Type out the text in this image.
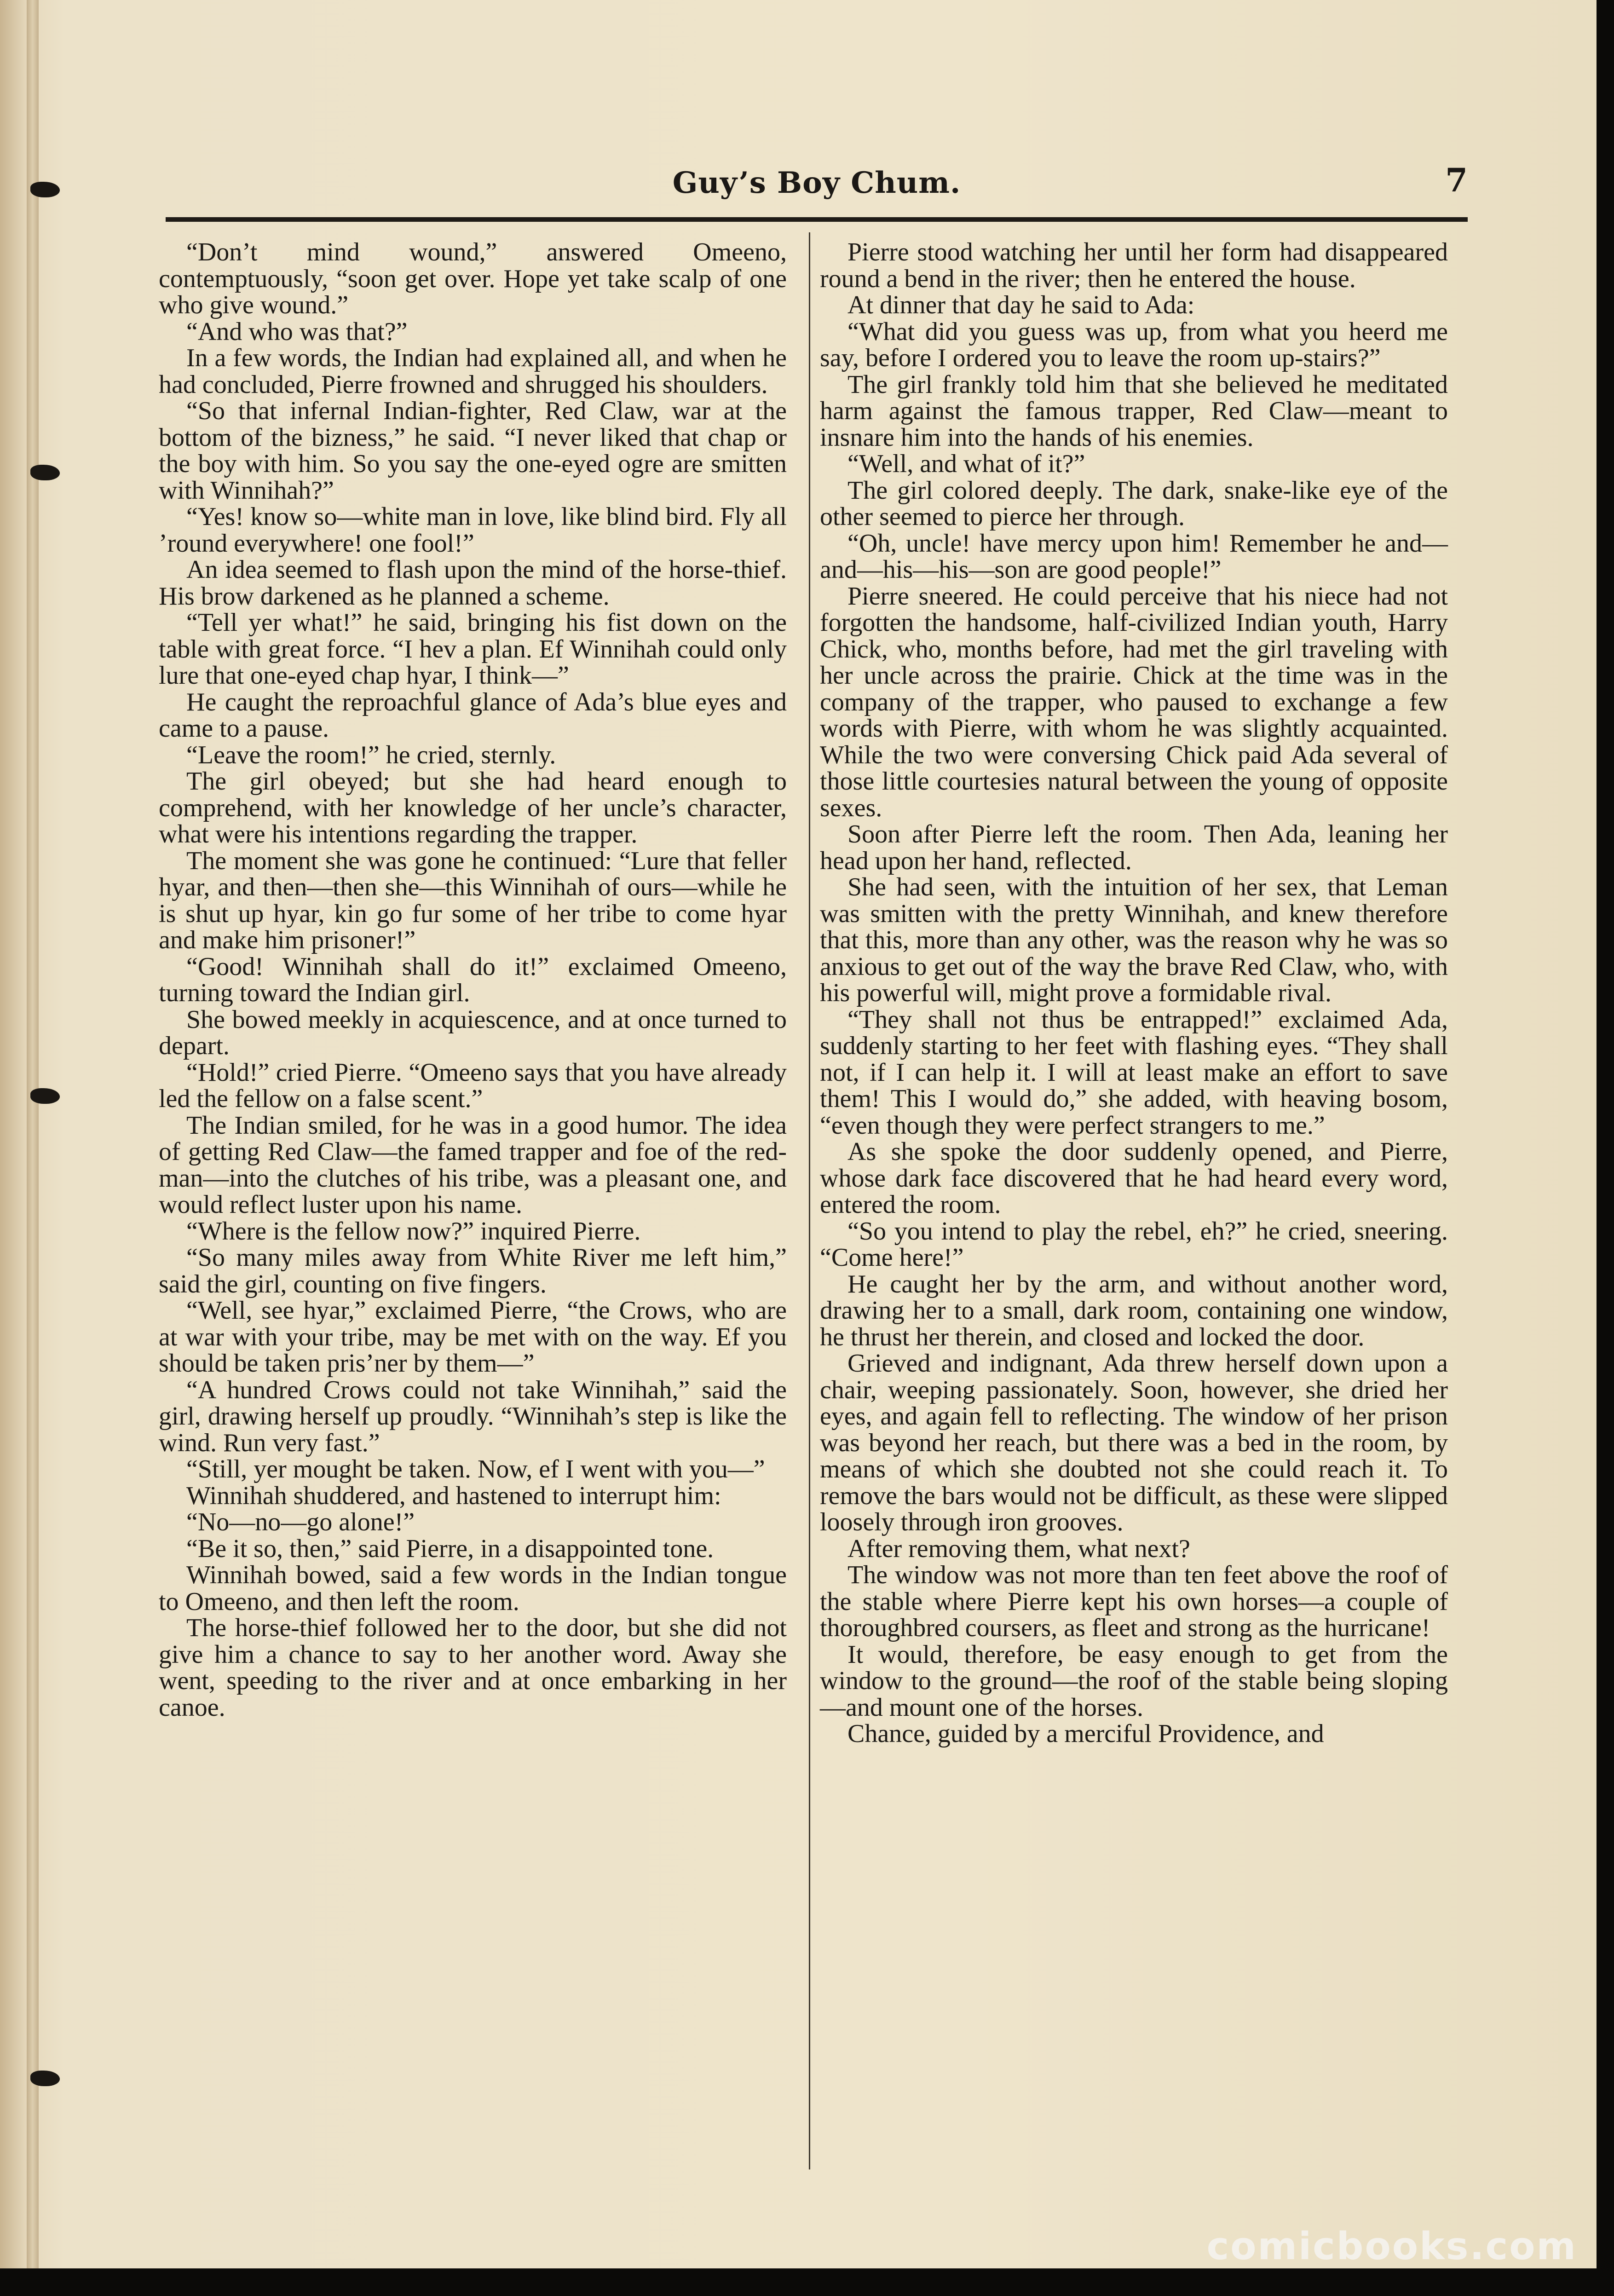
Guy’s Boy Chum.	7

“Don’t mind wound,” answered Omeeno, contemptuously, “soon get over. Hope yet take scalp of one who give wound.”

“And who was that?”

In a few words, the Indian had explained all, and when he had concluded, Pierre frowned and shrugged his shoulders.

“So that infernal Indian-fighter, Red Claw, war at the bottom of the bizness,” he said. “I never liked that chap or the boy with him. So you say the one-eyed ogre are smitten with Winnihah?”

“Yes! know so—white man in love, like blind bird. Fly all ’round everywhere! one fool!”

An idea seemed to flash upon the mind of the horse-thief. His brow darkened as he planned a scheme.

“Tell yer what!” he said, bringing his fist down on the table with great force. “I hev a plan. Ef Winnihah could only lure that one-eyed chap hyar, I think—”

He caught the reproachful glance of Ada’s blue eyes and came to a pause.

“Leave the room!” he cried, sternly.

The girl obeyed; but she had heard enough to comprehend, with her knowledge of her uncle’s character, what were his intentions regarding the trapper.

The moment she was gone he continued: “Lure that feller hyar, and then—then she—this Winnihah of ours—while he is shut up hyar, kin go fur some of her tribe to come hyar and make him prisoner!”

“Good! Winnihah shall do it!” exclaimed Omeeno, turning toward the Indian girl.

She bowed meekly in acquiescence, and at once turned to depart.

“Hold!” cried Pierre. “Omeeno says that you have already led the fellow on a false scent.”

The Indian smiled, for he was in a good humor. The idea of getting Red Claw—the famed trapper and foe of the red-man—into the clutches of his tribe, was a pleasant one, and would reflect luster upon his name.

“Where is the fellow now?” inquired Pierre.

“So many miles away from White River me left him,” said the girl, counting on five fingers.

“Well, see hyar,” exclaimed Pierre, “the Crows, who are at war with your tribe, may be met with on the way. Ef you should be taken pris’ner by them—”

“A hundred Crows could not take Winnihah,” said the girl, drawing herself up proudly. “Winnihah’s step is like the wind. Run very fast.”

“Still, yer mought be taken. Now, ef I went with you—”

Winnihah shuddered, and hastened to interrupt him:

“No—no—go alone!”

“Be it so, then,” said Pierre, in a disappointed tone.

Winnihah bowed, said a few words in the Indian tongue to Omeeno, and then left the room.

The horse-thief followed her to the door, but she did not give him a chance to say to her another word. Away she went, speeding to the river and at once embarking in her canoe.

Pierre stood watching her until her form had disappeared round a bend in the river; then he entered the house.

At dinner that day he said to Ada:

“What did you guess was up, from what you heerd me say, before I ordered you to leave the room up-stairs?”

The girl frankly told him that she believed he meditated harm against the famous trapper, Red Claw—meant to insnare him into the hands of his enemies.

“Well, and what of it?”

The girl colored deeply. The dark, snake-like eye of the other seemed to pierce her through.

“Oh, uncle! have mercy upon him! Remember he and—and—his—his—son are good people!”

Pierre sneered. He could perceive that his niece had not forgotten the handsome, half-civilized Indian youth, Harry Chick, who, months before, had met the girl traveling with her uncle across the prairie. Chick at the time was in the company of the trapper, who paused to exchange a few words with Pierre, with whom he was slightly acquainted. While the two were conversing Chick paid Ada several of those little courtesies natural between the young of opposite sexes.

Soon after Pierre left the room. Then Ada, leaning her head upon her hand, reflected.

She had seen, with the intuition of her sex, that Leman was smitten with the pretty Winnihah, and knew therefore that this, more than any other, was the reason why he was so anxious to get out of the way the brave Red Claw, who, with his powerful will, might prove a formidable rival.

“They shall not thus be entrapped!” exclaimed Ada, suddenly starting to her feet with flashing eyes. “They shall not, if I can help it. I will at least make an effort to save them! This I would do,” she added, with heaving bosom, “even though they were perfect strangers to me.”

As she spoke the door suddenly opened, and Pierre, whose dark face discovered that he had heard every word, entered the room.

“So you intend to play the rebel, eh?” he cried, sneering. “Come here!”

He caught her by the arm, and without another word, drawing her to a small, dark room, containing one window, he thrust her therein, and closed and locked the door.

Grieved and indignant, Ada threw herself down upon a chair, weeping passionately. Soon, however, she dried her eyes, and again fell to reflecting. The window of her prison was beyond her reach, but there was a bed in the room, by means of which she doubted not she could reach it. To remove the bars would not be difficult, as these were slipped loosely through iron grooves.

After removing them, what next?

The window was not more than ten feet above the roof of the stable where Pierre kept his own horses—a couple of thoroughbred coursers, as fleet and strong as the hurricane!

It would, therefore, be easy enough to get from the window to the ground—the roof of the stable being sloping—and mount one of the horses.

Chance, guided by a merciful Providence, and

comicbooks.com
